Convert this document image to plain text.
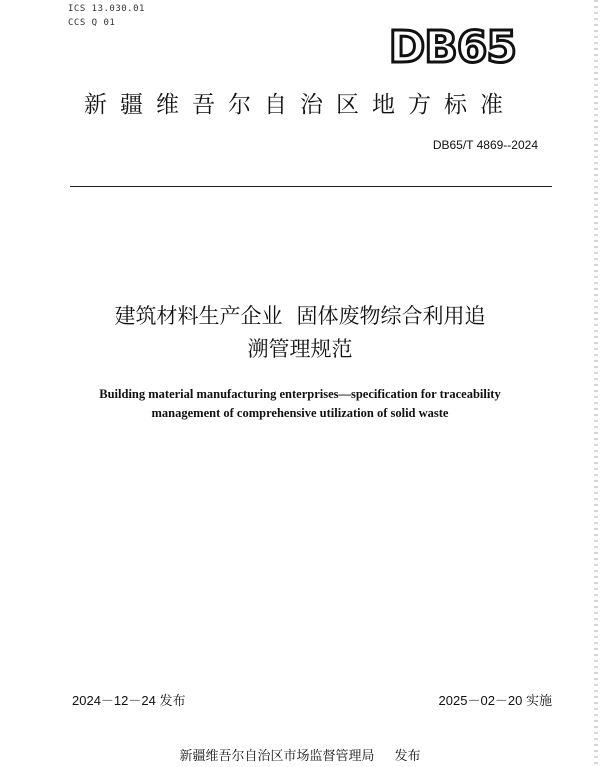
ICS 13.030.01
CCS Q 01	DB65
新疆维吾尔自治区地方标准
DB65/T 4869--2024
建筑材料生产企业 固体废物综合利用追
溯管理规范
Building material manufacturing enterprises—specification for traceability
management of comprehensive utilization of solid waste
2024－12－24 发布	2025－02－20 实施
新疆维吾尔自治区市场监督管理局 发布
